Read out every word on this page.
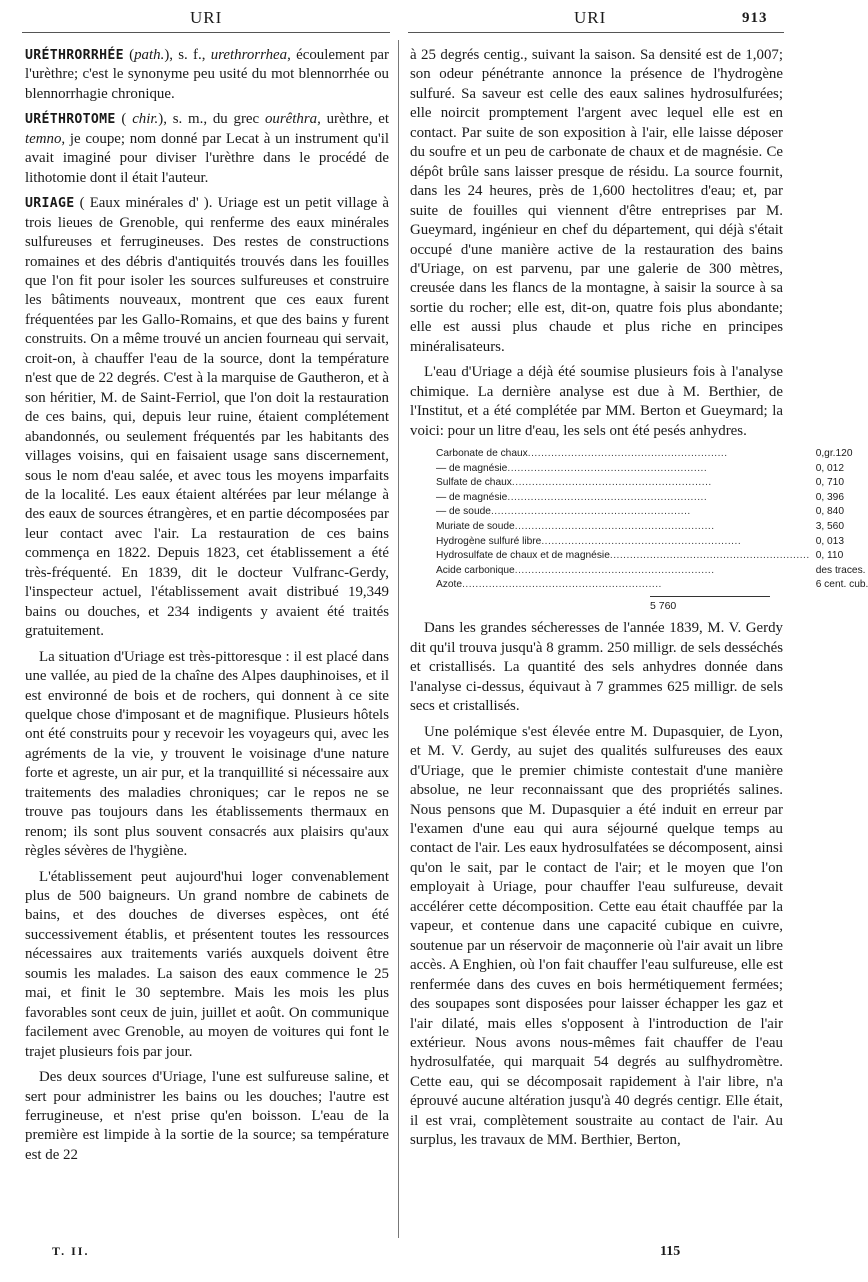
URI	URI	913

URÉTHRORRHÉE (path.), s. f., urethrorrhea, écoulement par l'urèthre; c'est le synonyme peu usité du mot blennorrhée ou blennorrhagie chronique.

URÉTHROTOME ( chir.), s. m., du grec ourêthra, urèthre, et temno, je coupe; nom donné par Lecat à un instrument qu'il avait imaginé pour diviser l'urèthre dans le procédé de lithotomie dont il était l'auteur.

URIAGE ( Eaux minérales d' ). Uriage est un petit village à trois lieues de Grenoble, qui renferme des eaux minérales sulfureuses et ferrugineuses. Des restes de constructions romaines et des débris d'antiquités trouvés dans les fouilles que l'on fit pour isoler les sources sulfureuses et construire les bâtiments nouveaux, montrent que ces eaux furent fréquentées par les Gallo-Romains, et que des bains y furent construits. On a même trouvé un ancien fourneau qui servait, croit-on, à chauffer l'eau de la source, dont la température n'est que de 22 degrés. C'est à la marquise de Gautheron, et à son héritier, M. de Saint-Ferriol, que l'on doit la restauration de ces bains, qui, depuis leur ruine, étaient complétement abandonnés, ou seulement fréquentés par les habitants des villages voisins, qui en faisaient usage sans discernement, sous le nom d'eau salée, et avec tous les moyens imparfaits de la localité. Les eaux étaient altérées par leur mélange à des eaux de sources étrangères, et en partie décomposées par leur contact avec l'air. La restauration de ces bains commença en 1822. Depuis 1823, cet établissement a été très-fréquenté. En 1839, dit le docteur Vulfranc-Gerdy, l'inspecteur actuel, l'établissement avait distribué 19,349 bains ou douches, et 234 indigents y avaient été traités gratuitement.

La situation d'Uriage est très-pittoresque : il est placé dans une vallée, au pied de la chaîne des Alpes dauphinoises, et il est environné de bois et de rochers, qui donnent à ce site quelque chose d'imposant et de magnifique. Plusieurs hôtels ont été construits pour y recevoir les voyageurs qui, avec les agréments de la vie, y trouvent le voisinage d'une nature forte et agreste, un air pur, et la tranquillité si nécessaire aux traitements des maladies chroniques; car le repos ne se trouve pas toujours dans les établissements thermaux en renom; ils sont plus souvent consacrés aux plaisirs qu'aux règles sévères de l'hygiène.

L'établissement peut aujourd'hui loger convenablement plus de 500 baigneurs. Un grand nombre de cabinets de bains, et des douches de diverses espèces, ont été successivement établis, et présentent toutes les ressources nécessaires aux traitements variés auxquels doivent être soumis les malades. La saison des eaux commence le 25 mai, et finit le 30 septembre. Mais les mois les plus favorables sont ceux de juin, juillet et août. On communique facilement avec Grenoble, au moyen de voitures qui font le trajet plusieurs fois par jour.

Des deux sources d'Uriage, l'une est sulfureuse saline, et sert pour administrer les bains ou les douches; l'autre est ferrugineuse, et n'est prise qu'en boisson. L'eau de la première est limpide à la sortie de la source; sa température est de 22

à 25 degrés centig., suivant la saison. Sa densité est de 1,007; son odeur pénétrante annonce la présence de l'hydrogène sulfuré. Sa saveur est celle des eaux salines hydrosulfurées; elle noircit promptement l'argent avec lequel elle est en contact. Par suite de son exposition à l'air, elle laisse déposer du soufre et un peu de carbonate de chaux et de magnésie. Ce dépôt brûle sans laisser presque de résidu. La source fournit, dans les 24 heures, près de 1,600 hectolitres d'eau; et, par suite de fouilles qui viennent d'être entreprises par M. Gueymard, ingénieur en chef du département, qui déjà s'était occupé d'une manière active de la restauration des bains d'Uriage, on est parvenu, par une galerie de 300 mètres, creusée dans les flancs de la montagne, à saisir la source à sa sortie du rocher; elle est, dit-on, quatre fois plus abondante; elle est aussi plus chaude et plus riche en principes minéralisateurs.

L'eau d'Uriage a déjà été soumise plusieurs fois à l'analyse chimique. La dernière analyse est due à M. Berthier, de l'Institut, et a été complétée par MM. Berton et Gueymard; la voici: pour un litre d'eau, les sels ont été pesés anhydres.

Carbonate de chaux............................................................	0,gr.120
— de magnésie............................................................	0, 012
Sulfate de chaux............................................................	0, 710
— de magnésie............................................................	0, 396
— de soude............................................................	0, 840
Muriate de soude............................................................	3, 560
Hydrogène sulfuré libre............................................................	0, 013
Hydrosulfate de chaux et de magnésie............................................................	0, 110
Acide carbonique............................................................	des traces.
Azote............................................................	6 cent. cub.
5 760

Dans les grandes sécheresses de l'année 1839, M. V. Gerdy dit qu'il trouva jusqu'à 8 gramm. 250 milligr. de sels desséchés et cristallisés. La quantité des sels anhydres donnée dans l'analyse ci-dessus, équivaut à 7 grammes 625 milligr. de sels secs et cristallisés.

Une polémique s'est élevée entre M. Dupasquier, de Lyon, et M. V. Gerdy, au sujet des qualités sulfureuses des eaux d'Uriage, que le premier chimiste contestait d'une manière absolue, ne leur reconnaissant que des propriétés salines. Nous pensons que M. Dupasquier a été induit en erreur par l'examen d'une eau qui aura séjourné quelque temps au contact de l'air. Les eaux hydrosulfatées se décomposent, ainsi qu'on le sait, par le contact de l'air; et le moyen que l'on employait à Uriage, pour chauffer l'eau sulfureuse, devait accélérer cette décomposition. Cette eau était chauffée par la vapeur, et contenue dans une capacité cubique en cuivre, soutenue par un réservoir de maçonnerie où l'air avait un libre accès. A Enghien, où l'on fait chauffer l'eau sulfureuse, elle est renfermée dans des cuves en bois hermétiquement fermées; des soupapes sont disposées pour laisser échapper les gaz et l'air dilaté, mais elles s'opposent à l'introduction de l'air extérieur. Nous avons nous-mêmes fait chauffer de l'eau hydrosulfatée, qui marquait 54 degrés au sulfhydromètre. Cette eau, qui se décomposait rapidement à l'air libre, n'a éprouvé aucune altération jusqu'à 40 degrés centigr. Elle était, il est vrai, complètement soustraite au contact de l'air. Au surplus, les travaux de MM. Berthier, Berton,

T. II.	115
